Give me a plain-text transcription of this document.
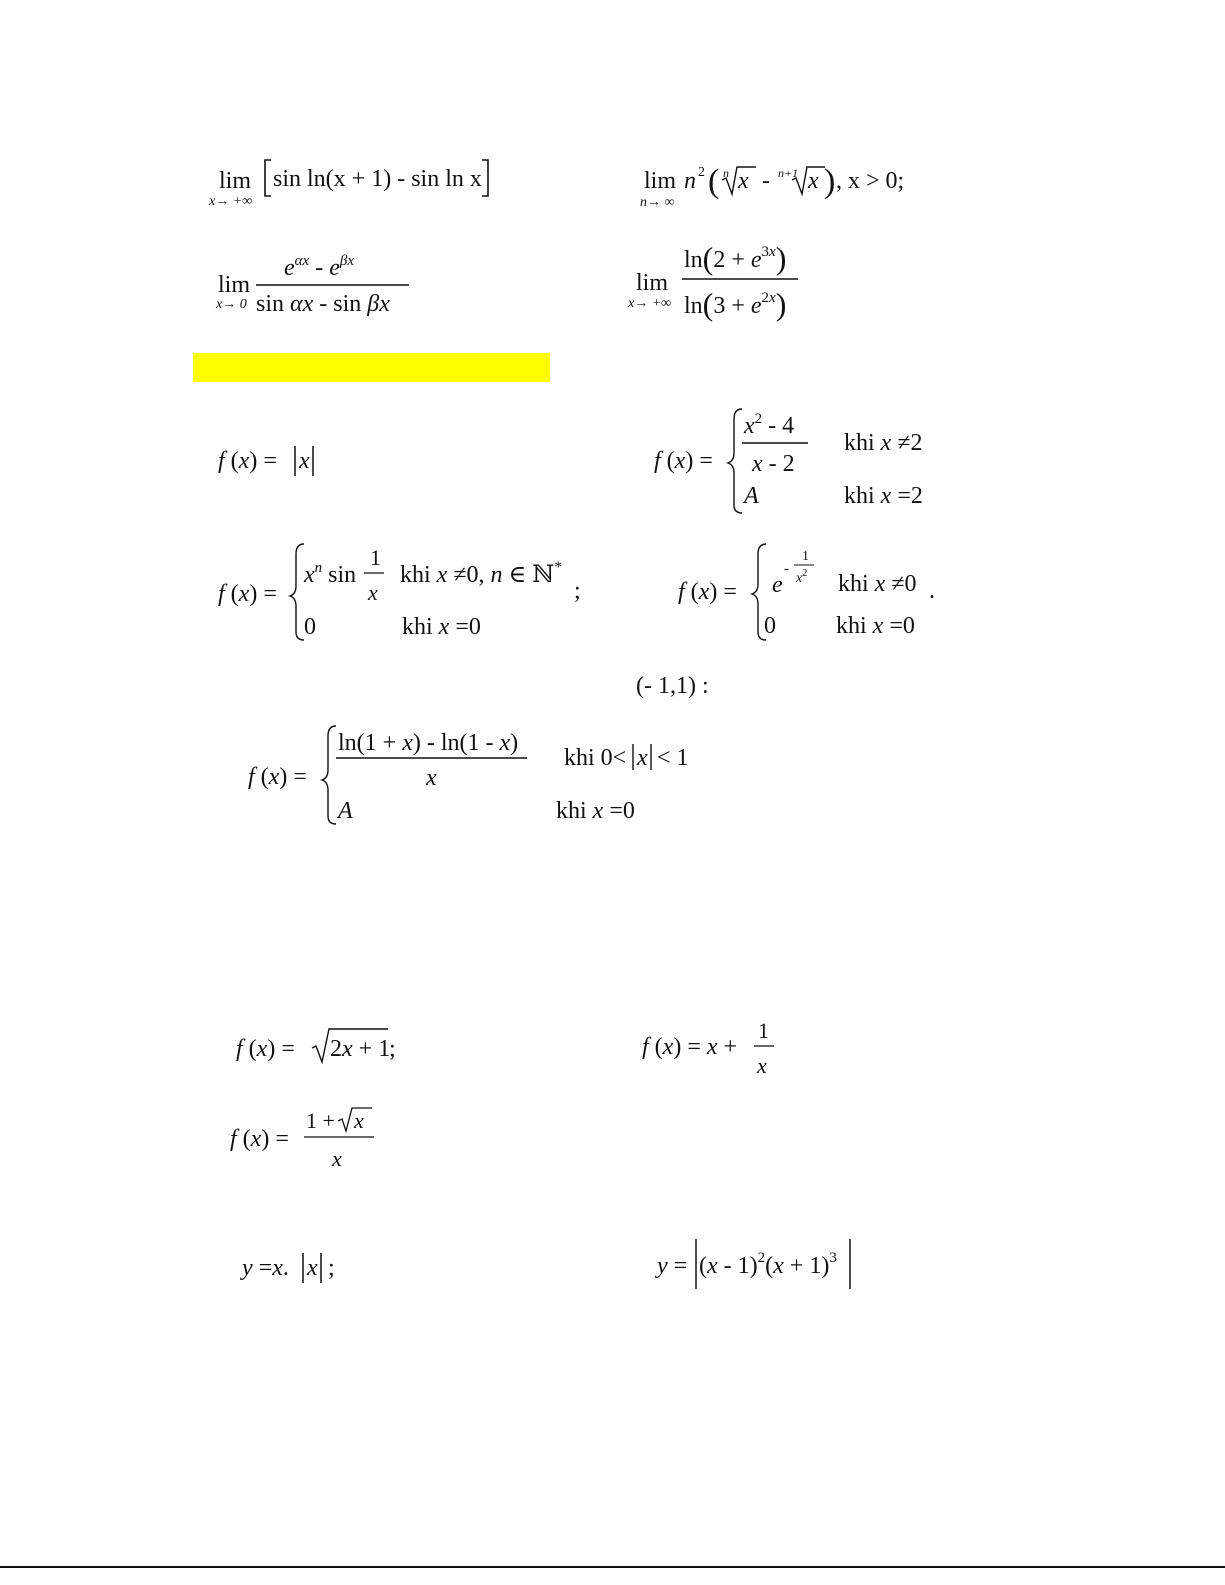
lim
x→ +∞
sin ln(x + 1) - sin ln x	lim
n→ ∞
n 2 ( n x - n+1 x ) , x > 0;
lim
x→ 0
$e^{\alpha x} - e^{\beta x}$
sin αx - sin βx
lim
x→ +∞
$\ln(2 + e^{3x})$
$\ln(3 + e^{2x})$
f (x) = x	f (x) =
$x^2 - 4$
x - 2
khi x ≠2
A	khi x =2
f (x) =
$x^n$ sin
1
x
khi x ≠0, n ∈ ℕ*
;
0	khi x =0
f (x) = e
-
1
$x^2$ khi x ≠0 .
0	khi x =0
(- 1,1) :
f (x) =
ln(1 + x) - ln(1 - x)
x
khi 0< x < 1
A	khi x =0
f (x) = 2x + 1
;	f (x) = x +
1
x
f (x) =
1 + x
x
y =x. x ;	$y = (x - 1)^2(x + 1)^3$
